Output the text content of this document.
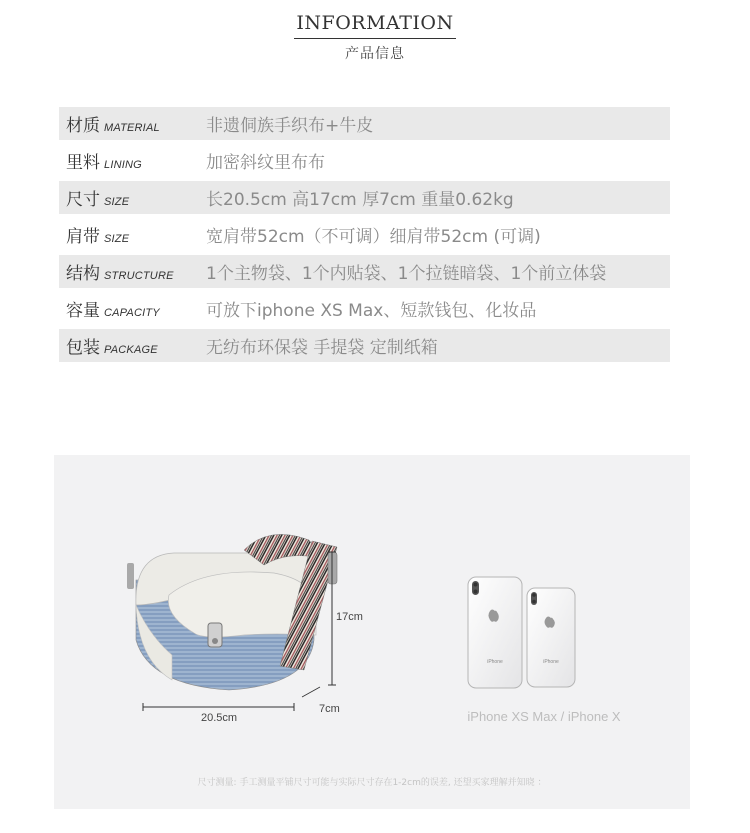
INFORMATION
产品信息
材质 MATERIAL	非遗侗族手织布+牛皮
里料 LINING	加密斜纹里布布
尺寸 SIZE	长20.5cm 高17cm 厚7cm 重量0.62kg
肩带 SIZE	宽肩带52cm（不可调）细肩带52cm (可调)
结构 STRUCTURE 1个主物袋、1个内贴袋、1个拉链暗袋、1个前立体袋
容量 CAPACITY	可放下iphone XS Max、短款钱包、化妆品
包装 PACKAGE	无纺布环保袋 手提袋 定制纸箱
iPhone	iPhone
17cm
20.5cm
7cm	iPhone XS Max / iPhone X
尺寸测量: 手工测量平铺尺寸可能与实际尺寸存在1-2cm的误差, 还望买家理解并知晓 ：
